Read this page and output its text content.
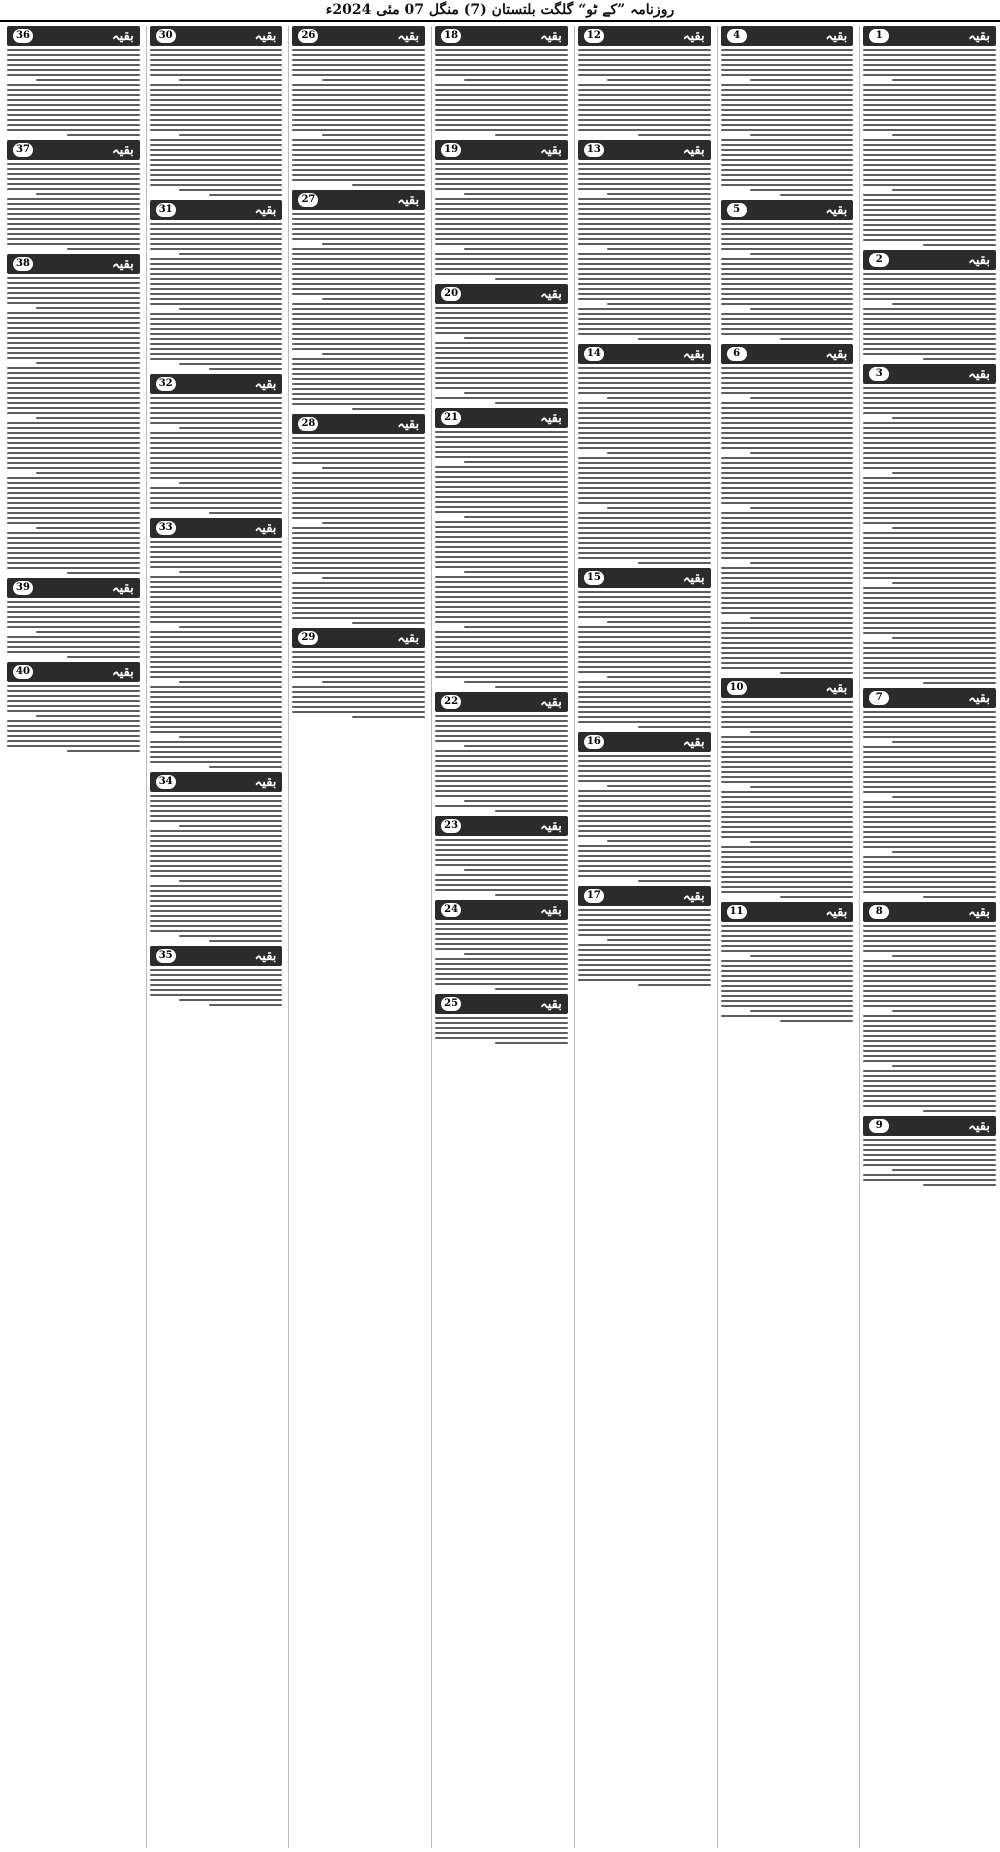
روزنامہ ”کے ٹو“ گلگت بلتستان (7) منگل 07 مئی 2024ء
بقیہ
1
بقیہ
2
بقیہ
3
بقیہ
7
بقیہ
8
بقیہ
9
بقیہ
4
بقیہ
5
بقیہ
6
بقیہ
10
بقیہ
11
بقیہ
12
بقیہ
13
بقیہ
14
بقیہ
15
بقیہ
16
بقیہ
17
بقیہ
18
بقیہ
19
بقیہ
20
بقیہ
21
بقیہ
22
بقیہ
23
بقیہ
24
بقیہ
25
بقیہ
26
بقیہ
27
بقیہ
28
بقیہ
29
بقیہ
30
بقیہ
31
بقیہ
32
بقیہ
33
بقیہ
34
بقیہ
35
بقیہ
36
بقیہ
37
بقیہ
38
بقیہ
39
بقیہ
40
